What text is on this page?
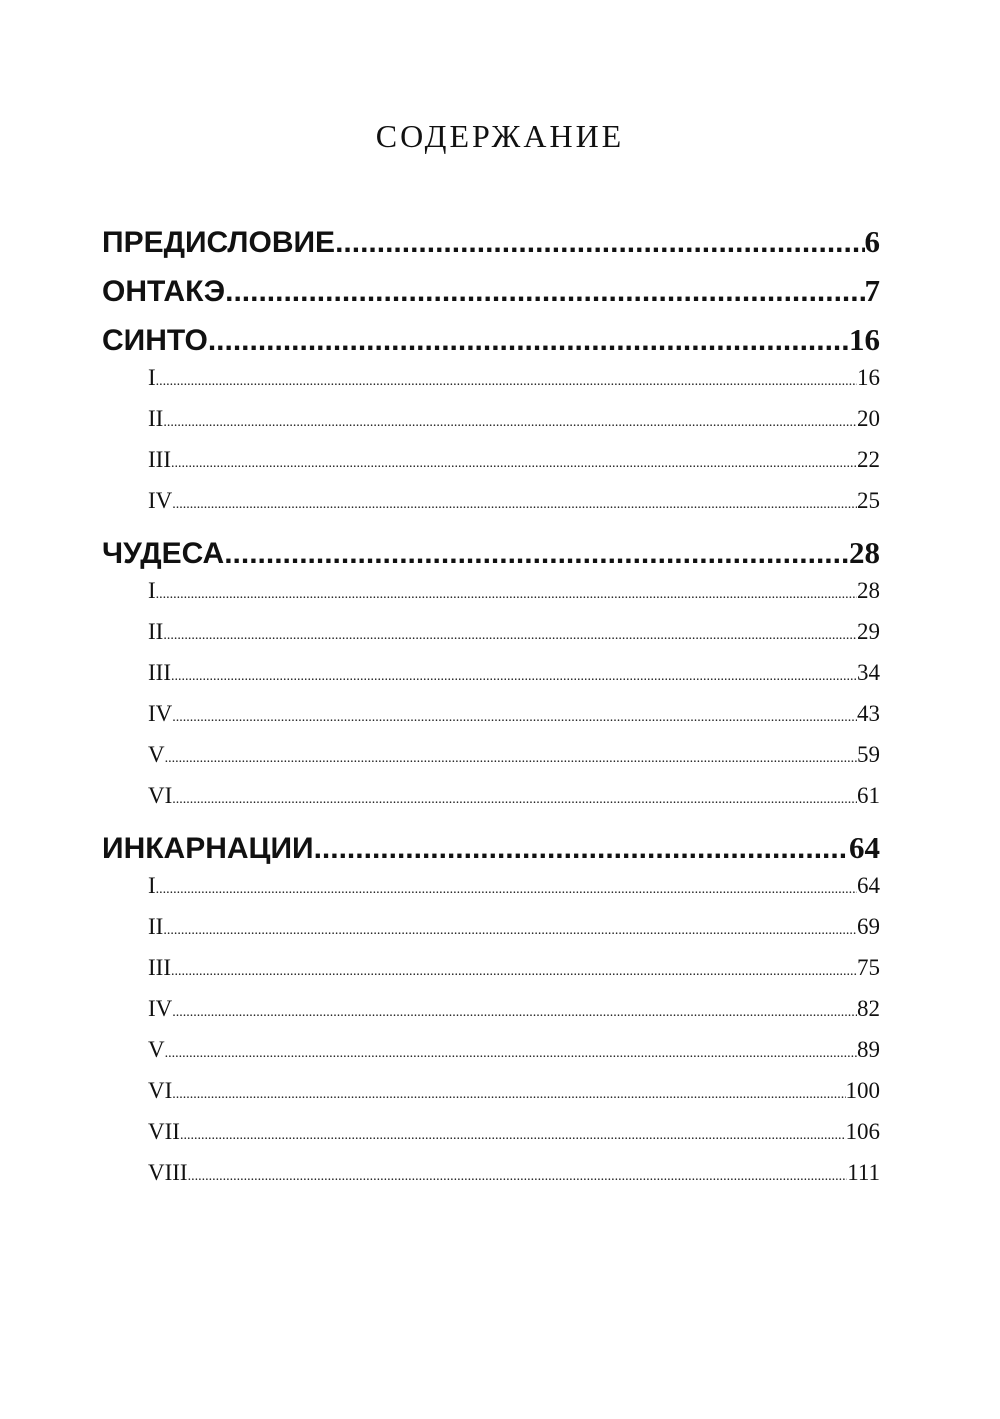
СОДЕРЖАНИЕ
ПРЕДИСЛОВИЕ .....	6
ОНТАКЭ .....	7
СИНТО .....	16
I .....	16
II .....	20
III .....	22
IV .....	25
ЧУДЕСА .....	28
I .....	28
II .....	29
III .....	34
IV .....	43
V .....	59
VI .....	61
ИНКАРНАЦИИ .....	64
I .....	64
II .....	69
III .....	75
IV .....	82
V .....	89
VI .....	100
VII .....	106
VIII .....	111
